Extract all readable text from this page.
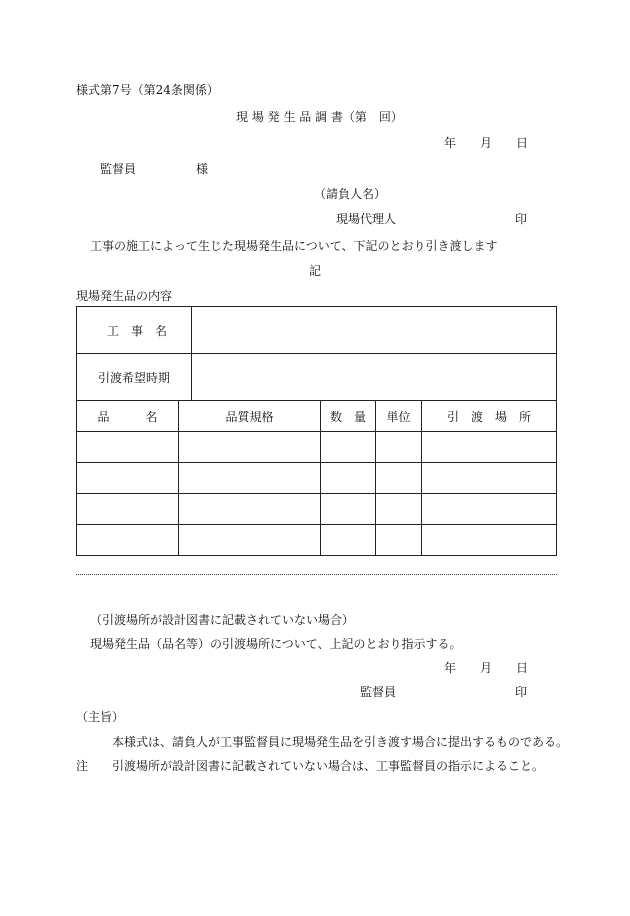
様式第7号（第24条関係）
現 場 発 生 品 調 書（第　回）
年　　月　　日
監督員　　　　　様
（請負人名）
現場代理人	印
工事の施工によって生じた現場発生品について、下記のとおり引き渡します
記
現場発生品の内容
工　事　名	
引渡希望時期	
品　　　名	品質規格	数　量	単位	引　渡　場　所

（引渡場所が設計図書に記載されていない場合）
現場発生品（品名等）の引渡場所について、上記のとおり指示する。
年　　月　　日
監督員	印
（主旨）
本様式は、請負人が工事監督員に現場発生品を引き渡す場合に提出するものである。
注 引渡場所が設計図書に記載されていない場合は、工事監督員の指示によること。
